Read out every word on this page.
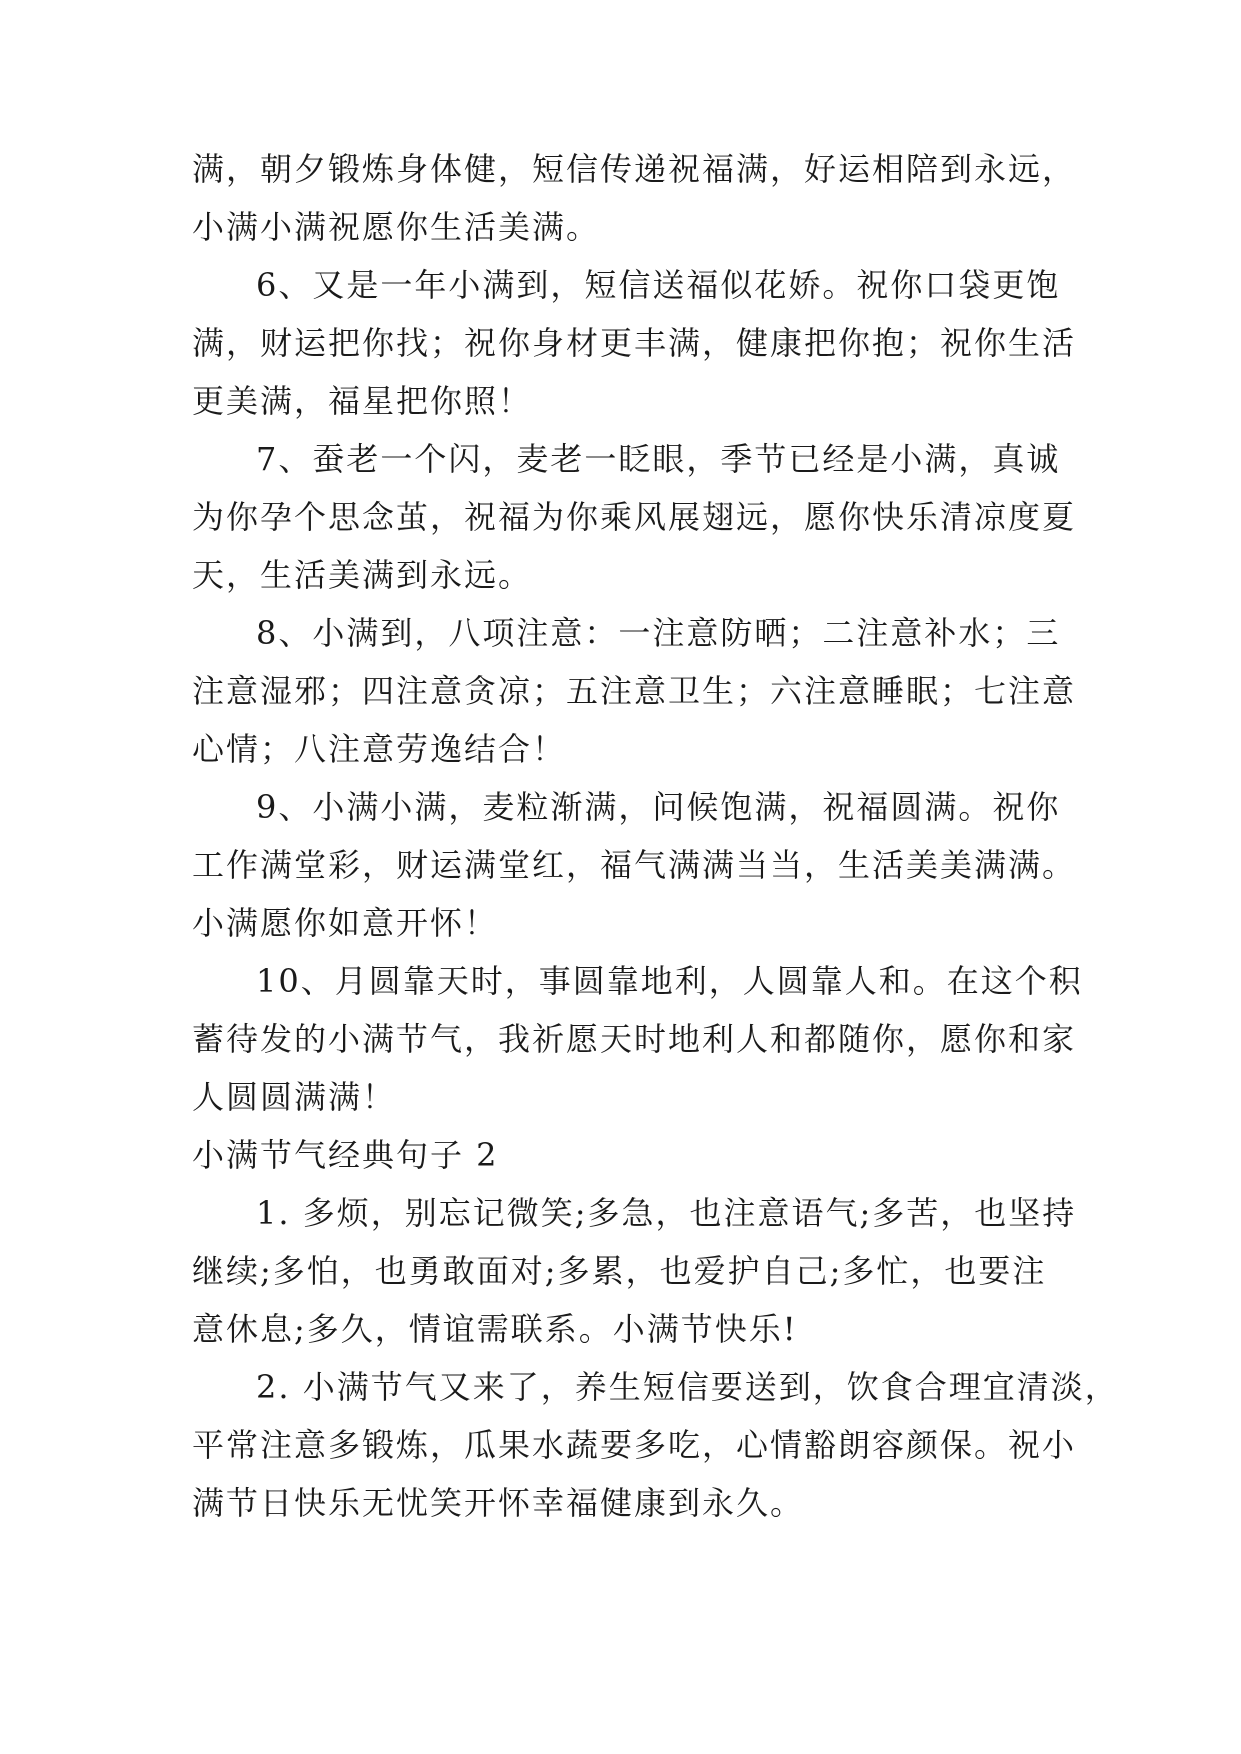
满，朝夕锻炼身体健，短信传递祝福满，好运相陪到永远，
小满小满祝愿你生活美满。
6、又是一年小满到，短信送福似花娇。祝你口袋更饱
满，财运把你找；祝你身材更丰满，健康把你抱；祝你生活
更美满，福星把你照！
7、蚕老一个闪，麦老一眨眼，季节已经是小满，真诚
为你孕个思念茧，祝福为你乘风展翅远，愿你快乐清凉度夏
天，生活美满到永远。
8、小满到，八项注意：一注意防晒；二注意补水；三
注意湿邪；四注意贪凉；五注意卫生；六注意睡眠；七注意
心情；八注意劳逸结合！
9、小满小满，麦粒渐满，问候饱满，祝福圆满。祝你
工作满堂彩，财运满堂红，福气满满当当，生活美美满满。
小满愿你如意开怀！
10、月圆靠天时，事圆靠地利，人圆靠人和。在这个积
蓄待发的小满节气，我祈愿天时地利人和都随你，愿你和家
人圆圆满满！
小满节气经典句子 2
1. 多烦，别忘记微笑;多急，也注意语气;多苦，也坚持
继续;多怕，也勇敢面对;多累，也爱护自己;多忙，也要注
意休息;多久，情谊需联系。小满节快乐!
2. 小满节气又来了，养生短信要送到，饮食合理宜清淡，
平常注意多锻炼，瓜果水蔬要多吃，心情豁朗容颜保。祝小
满节日快乐无忧笑开怀幸福健康到永久。
